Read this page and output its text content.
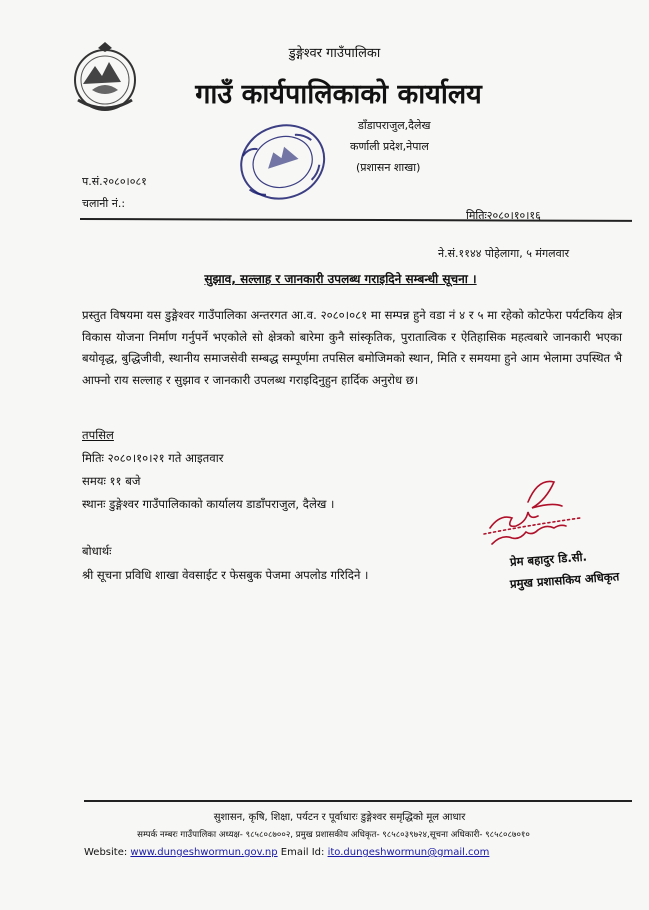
डुङ्गेश्वर गाउँपालिका
गाउँ कार्यपालिकाको कार्यालय
डाँडापराजुल,दैलेख
कर्णाली प्रदेश,नेपाल
(प्रशासन शाखा)
प.सं.२०८०।०८१
चलानी नं.:
मितिः२०८०।१०।१६
ने.सं.११४४ पोहेलागा, ५ मंगलवार
सुझाव, सल्लाह र जानकारी उपलब्ध गराइदिने सम्बन्धी सूचना ।
प्रस्तुत विषयमा यस डुङ्गेश्वर गाउँपालिका अन्तरगत आ.व. २०८०।०८१ मा सम्पन्न हुने वडा नं ४ र ५ मा रहेको कोटफेरा पर्यटकिय क्षेत्र विकास योजना निर्माण गर्नुपर्ने भएकोले सो क्षेत्रको बारेमा कुनै सांस्कृतिक, पुरातात्विक र ऐतिहासिक महत्वबारे जानकारी भएका बयोवृद्ध, बुद्धिजीवी, स्थानीय समाजसेवी सम्बद्ध सम्पूर्णमा तपसिल बमोजिमको स्थान, मिति र समयमा हुने आम भेलामा उपस्थित भै आफ्नो राय सल्लाह र सुझाव र जानकारी उपलब्ध गराइदिनुहुन हार्दिक अनुरोध छ।
तपसिल
मितिः २०८०।१०।२१ गते आइतवार
समयः ११ बजे
स्थानः डुङ्गेश्वर गाउँपालिकाको कार्यालय डाडाँपराजुल, दैलेख ।
बोधार्थः
श्री सूचना प्रविधि शाखा वेवसाईट र फेसबुक पेजमा अपलोड गरिदिने ।
प्रेम बहादुर डि.सी.
प्रमुख प्रशासकिय अधिकृत
सुशासन, कृषि, शिक्षा, पर्यटन र पूर्वाधारः डुङ्गेश्वर समृद्धिको मूल आधार
सम्पर्क नम्बरः गाउँपालिका अध्यक्ष- ९८५८०८७००२, प्रमुख प्रशासकीय अधिकृत- ९८५८०३९७२४,सूचना अधिकारी- ९८५८०८७०१०
Website: www.dungeshwormun.gov.np Email Id: ito.dungeshwormun@gmail.com
